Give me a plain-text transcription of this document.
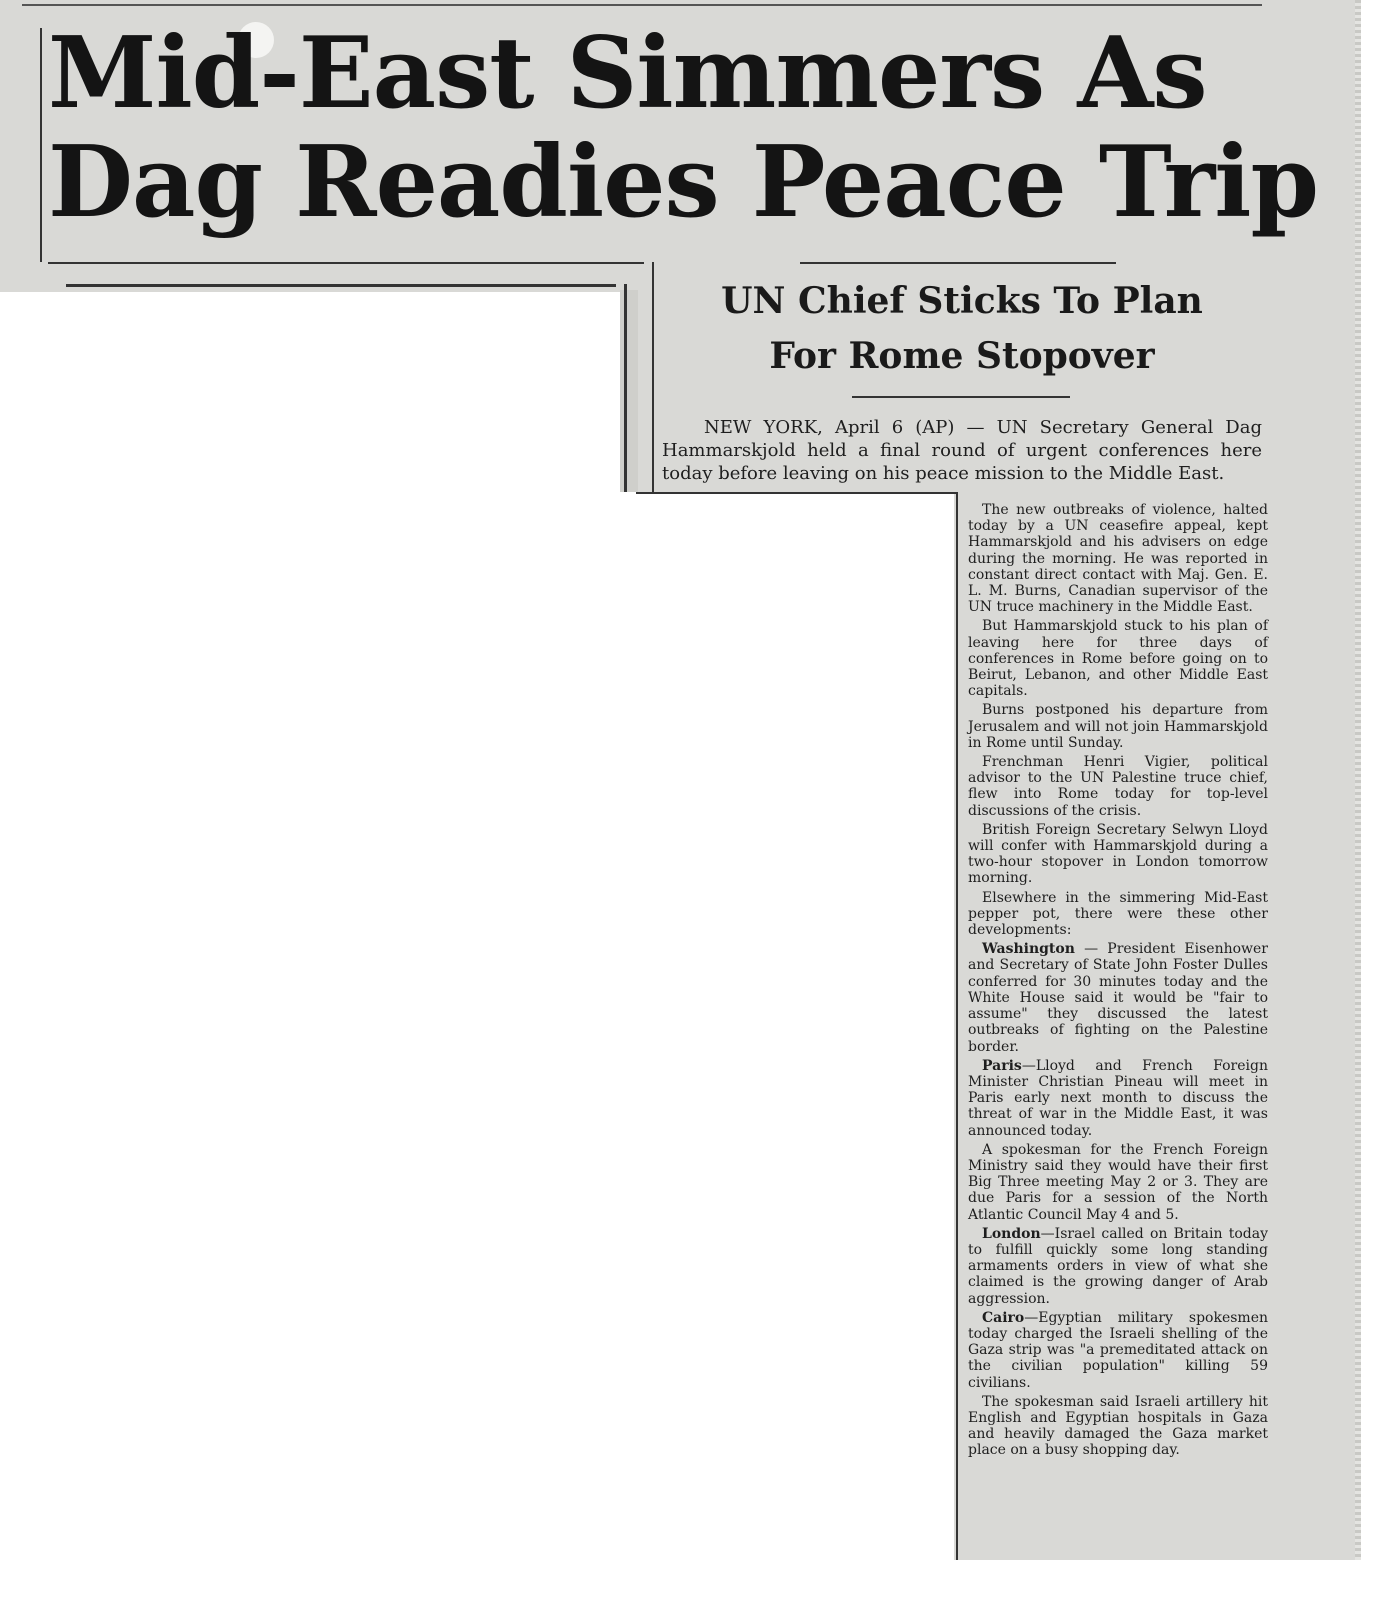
Mid-East Simmers As
Dag Readies Peace Trip
UN Chief Sticks To Plan
For Rome Stopover
NEW YORK, April 6 (AP) — UN Secretary General Dag Hammarskjold held a final round of urgent conferences here today before leaving on his peace mission to the Middle East.

The new outbreaks of violence, halted today by a UN ceasefire appeal, kept Hammarskjold and his advisers on edge during the morning. He was reported in constant direct contact with Maj. Gen. E. L. M. Burns, Canadian supervisor of the UN truce machinery in the Middle East.

But Hammarskjold stuck to his plan of leaving here for three days of conferences in Rome before going on to Beirut, Lebanon, and other Middle East capitals.

Burns postponed his departure from Jerusalem and will not join Hammarskjold in Rome until Sunday.

Frenchman Henri Vigier, political advisor to the UN Palestine truce chief, flew into Rome today for top-level discussions of the crisis.

British Foreign Secretary Selwyn Lloyd will confer with Hammarskjold during a two-hour stopover in London tomorrow morning.

Elsewhere in the simmering Mid-East pepper pot, there were these other developments:

Washington — President Eisenhower and Secretary of State John Foster Dulles conferred for 30 minutes today and the White House said it would be "fair to assume" they discussed the latest outbreaks of fighting on the Palestine border.

Paris—Lloyd and French Foreign Minister Christian Pineau will meet in Paris early next month to discuss the threat of war in the Middle East, it was announced today.

A spokesman for the French Foreign Ministry said they would have their first Big Three meeting May 2 or 3. They are due Paris for a session of the North Atlantic Council May 4 and 5.

London—Israel called on Britain today to fulfill quickly some long standing armaments orders in view of what she claimed is the growing danger of Arab aggression.

Cairo—Egyptian military spokesmen today charged the Israeli shelling of the Gaza strip was "a premeditated attack on the civilian population" killing 59 civilians.

The spokesman said Israeli artillery hit English and Egyptian hospitals in Gaza and heavily damaged the Gaza market place on a busy shopping day.
